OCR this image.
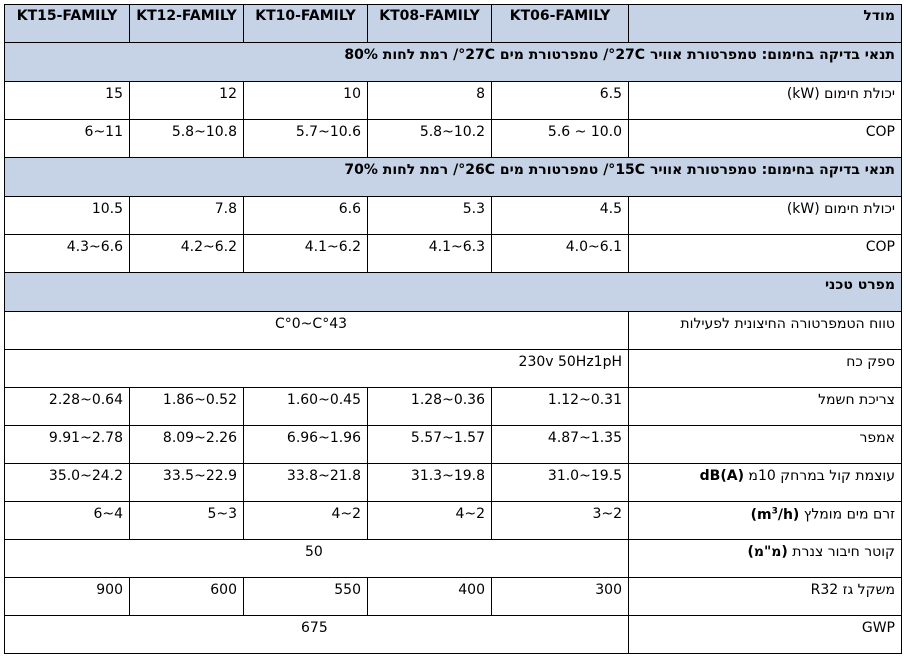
KT15-FAMILY	KT12-FAMILY	KT10-FAMILY	KT08-FAMILY	KT06-FAMILY	מודל
תנאי בדיקה בחימום: טמפרטורת אוויר 27C°/ טמפרטורת מים 27C°/ רמת לחות 80%					
15	12	10	8	6.5	יכולת חימום (kW)
6~11	5.8~10.8	5.7~10.6	5.8~10.2	5.6 ~ 10.0	COP
תנאי בדיקה בחימום: טמפרטורת אוויר 15C°/ טמפרטורת מים 26C°/ רמת לחות 70%					
10.5	7.8	6.6	5.3	4.5	יכולת חימום (kW)
4.3~6.6	4.2~6.2	4.1~6.2	4.1~6.3	4.0~6.1	COP
מפרט טכני					
C°0~C°43					טווח הטמפרטורה החיצונית לפעילות
230v 50Hz1pH					ספק כח
2.28~0.64	1.86~0.52	1.60~0.45	1.28~0.36	1.12~0.31	צריכת חשמל
9.91~2.78	8.09~2.26	6.96~1.96	5.57~1.57	4.87~1.35	אמפר
35.0~24.2	33.5~22.9	33.8~21.8	31.3~19.8	31.0~19.5	עוצמת קול במרחק 10מ dB(A)
6~4	5~3	4~2	4~2	3~2	זרם מים מומלץ $(m^3/h)$
50					קוטר חיבור צנרת (מ"מ)
900	600	550	400	300	משקל גז R32
675					GWP
